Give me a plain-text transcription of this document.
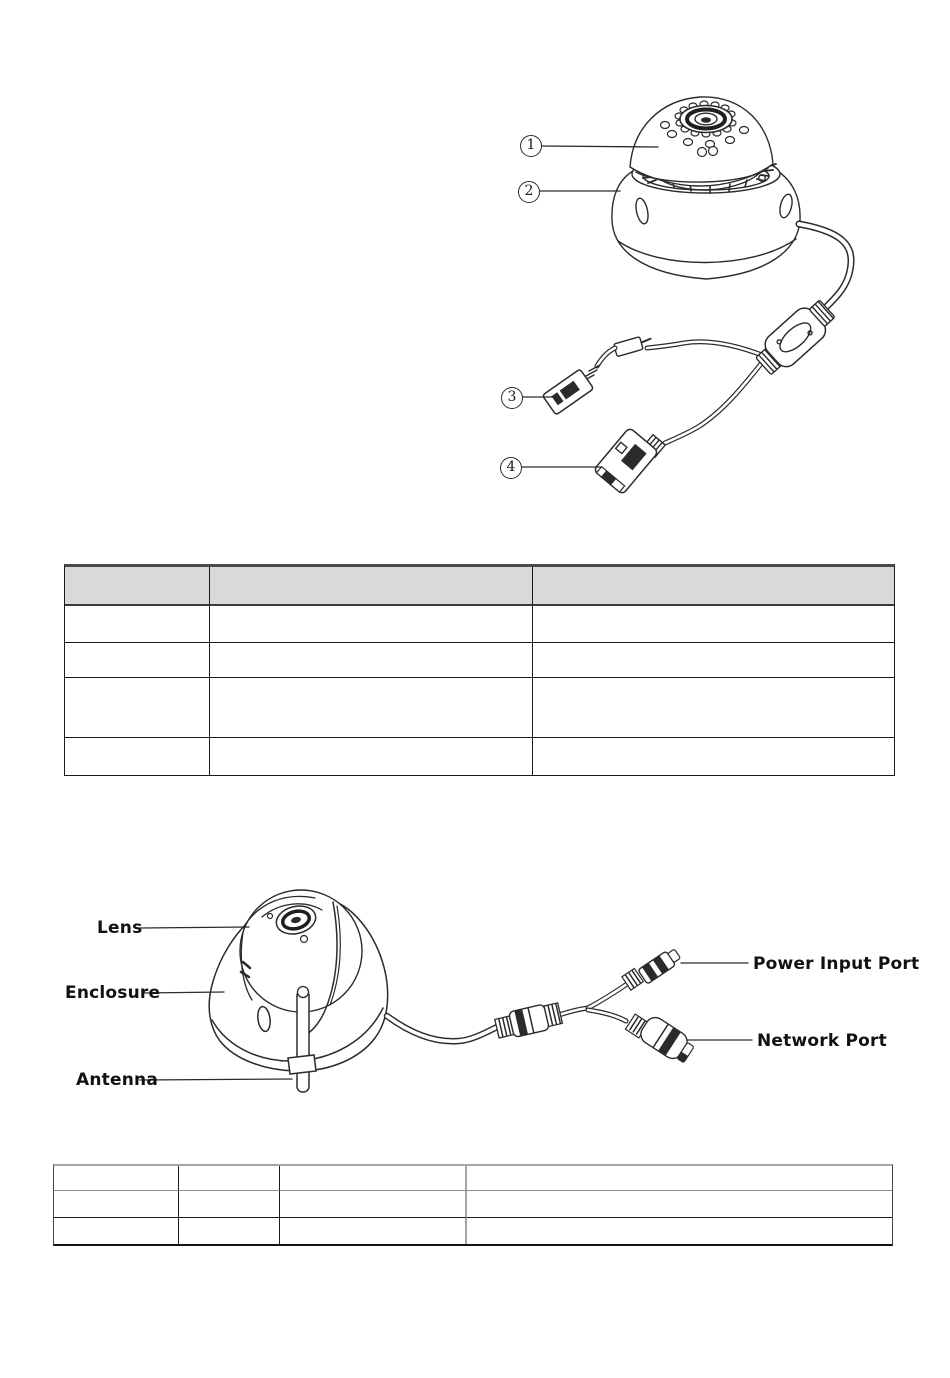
1
2
3
4
Lens
Enclosure
Antenna
Power Input Port
Network Port
